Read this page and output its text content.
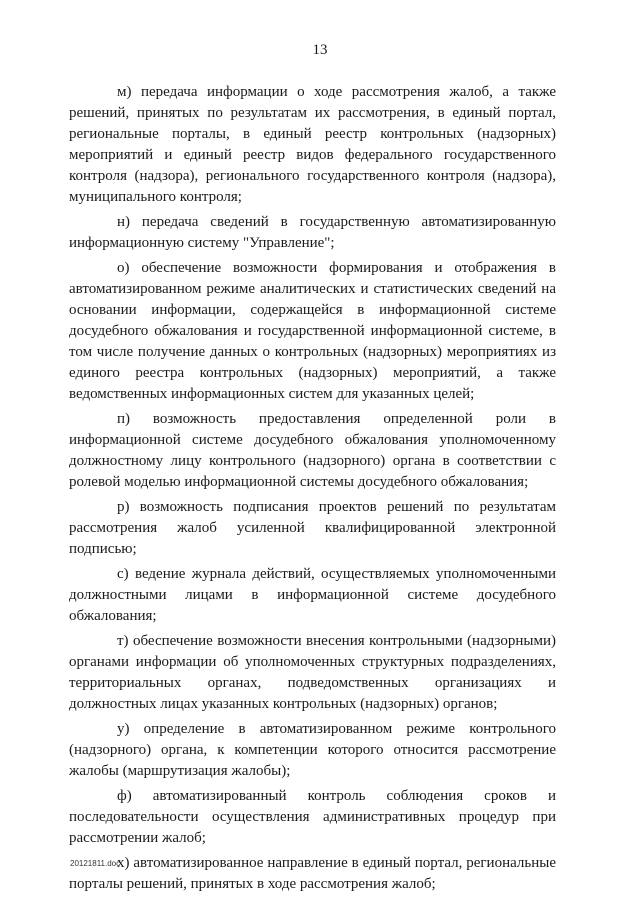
13

м) передача информации о ходе рассмотрения жалоб, а также решений, принятых по результатам их рассмотрения, в единый портал, региональные порталы, в единый реестр контрольных (надзорных) мероприятий и единый реестр видов федерального государственного контроля (надзора), регионального государственного контроля (надзора), муниципального контроля;

н) передача сведений в государственную автоматизированную информационную систему "Управление";

о) обеспечение возможности формирования и отображения в автоматизированном режиме аналитических и статистических сведений на основании информации, содержащейся в информационной системе досудебного обжалования и государственной информационной системе, в том числе получение данных о контрольных (надзорных) мероприятиях из единого реестра контрольных (надзорных) мероприятий, а также ведомственных информационных систем для указанных целей;

п) возможность предоставления определенной роли в информационной системе досудебного обжалования уполномоченному должностному лицу контрольного (надзорного) органа в соответствии с ролевой моделью информационной системы досудебного обжалования;

р) возможность подписания проектов решений по результатам рассмотрения жалоб усиленной квалифицированной электронной подписью;

с) ведение журнала действий, осуществляемых уполномоченными должностными лицами в информационной системе досудебного обжалования;

т) обеспечение возможности внесения контрольными (надзорными) органами информации об уполномоченных структурных подразделениях, территориальных органах, подведомственных организациях и должностных лицах указанных контрольных (надзорных) органов;

у) определение в автоматизированном режиме контрольного (надзорного) органа, к компетенции которого относится рассмотрение жалобы (маршрутизация жалобы);

ф) автоматизированный контроль соблюдения сроков и последовательности осуществления административных процедур при рассмотрении жалоб;

х) автоматизированное направление в единый портал, региональные порталы решений, принятых в ходе рассмотрения жалоб;

20121811.doc
